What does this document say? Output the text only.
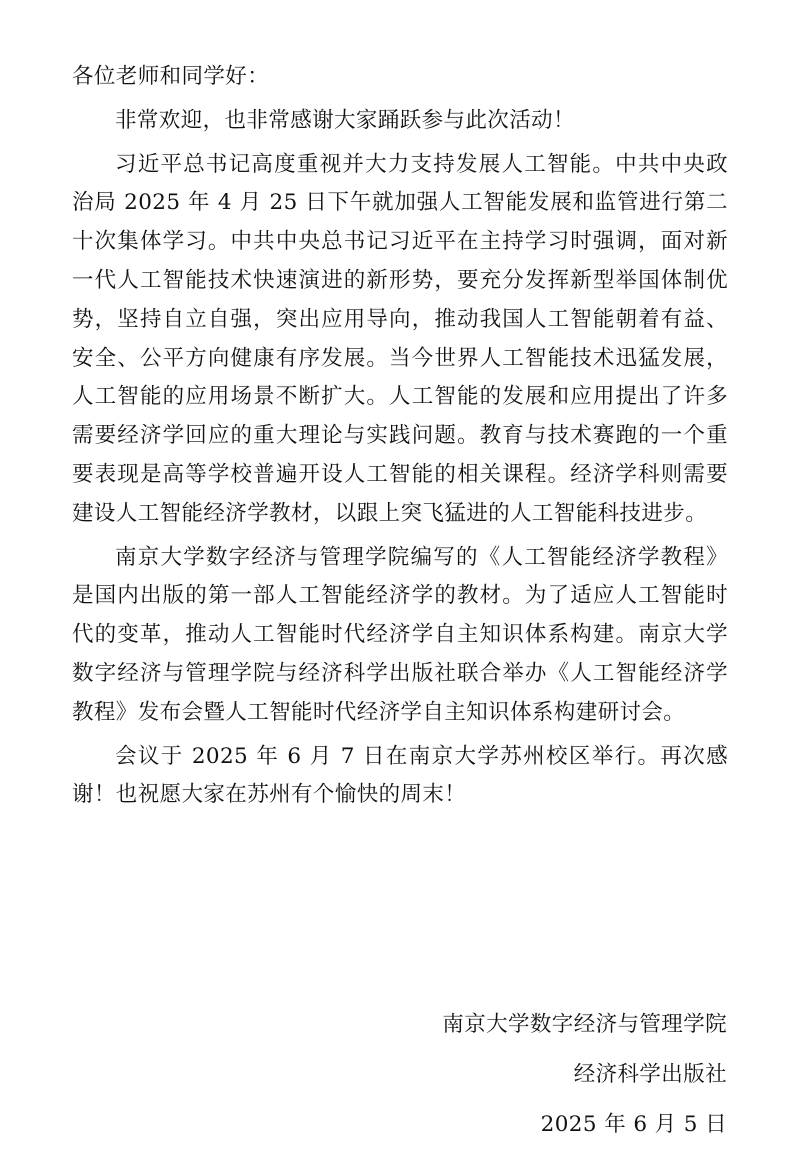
各位老师和同学好：

非常欢迎，也非常感谢大家踊跃参与此次活动！

习近平总书记高度重视并大力支持发展人工智能。中共中央政治局 2025 年 4 月 25 日下午就加强人工智能发展和监管进行第二十次集体学习。中共中央总书记习近平在主持学习时强调，面对新一代人工智能技术快速演进的新形势，要充分发挥新型举国体制优势，坚持自立自强，突出应用导向，推动我国人工智能朝着有益、安全、公平方向健康有序发展。当今世界人工智能技术迅猛发展，人工智能的应用场景不断扩大。人工智能的发展和应用提出了许多需要经济学回应的重大理论与实践问题。教育与技术赛跑的一个重要表现是高等学校普遍开设人工智能的相关课程。经济学科则需要建设人工智能经济学教材，以跟上突飞猛进的人工智能科技进步。

南京大学数字经济与管理学院编写的《人工智能经济学教程》是国内出版的第一部人工智能经济学的教材。为了适应人工智能时代的变革，推动人工智能时代经济学自主知识体系构建。南京大学数字经济与管理学院与经济科学出版社联合举办《人工智能经济学教程》发布会暨人工智能时代经济学自主知识体系构建研讨会。

会议于 2025 年 6 月 7 日在南京大学苏州校区举行。再次感谢！也祝愿大家在苏州有个愉快的周末！

南京大学数字经济与管理学院
经济科学出版社
2025 年 6 月 5 日
